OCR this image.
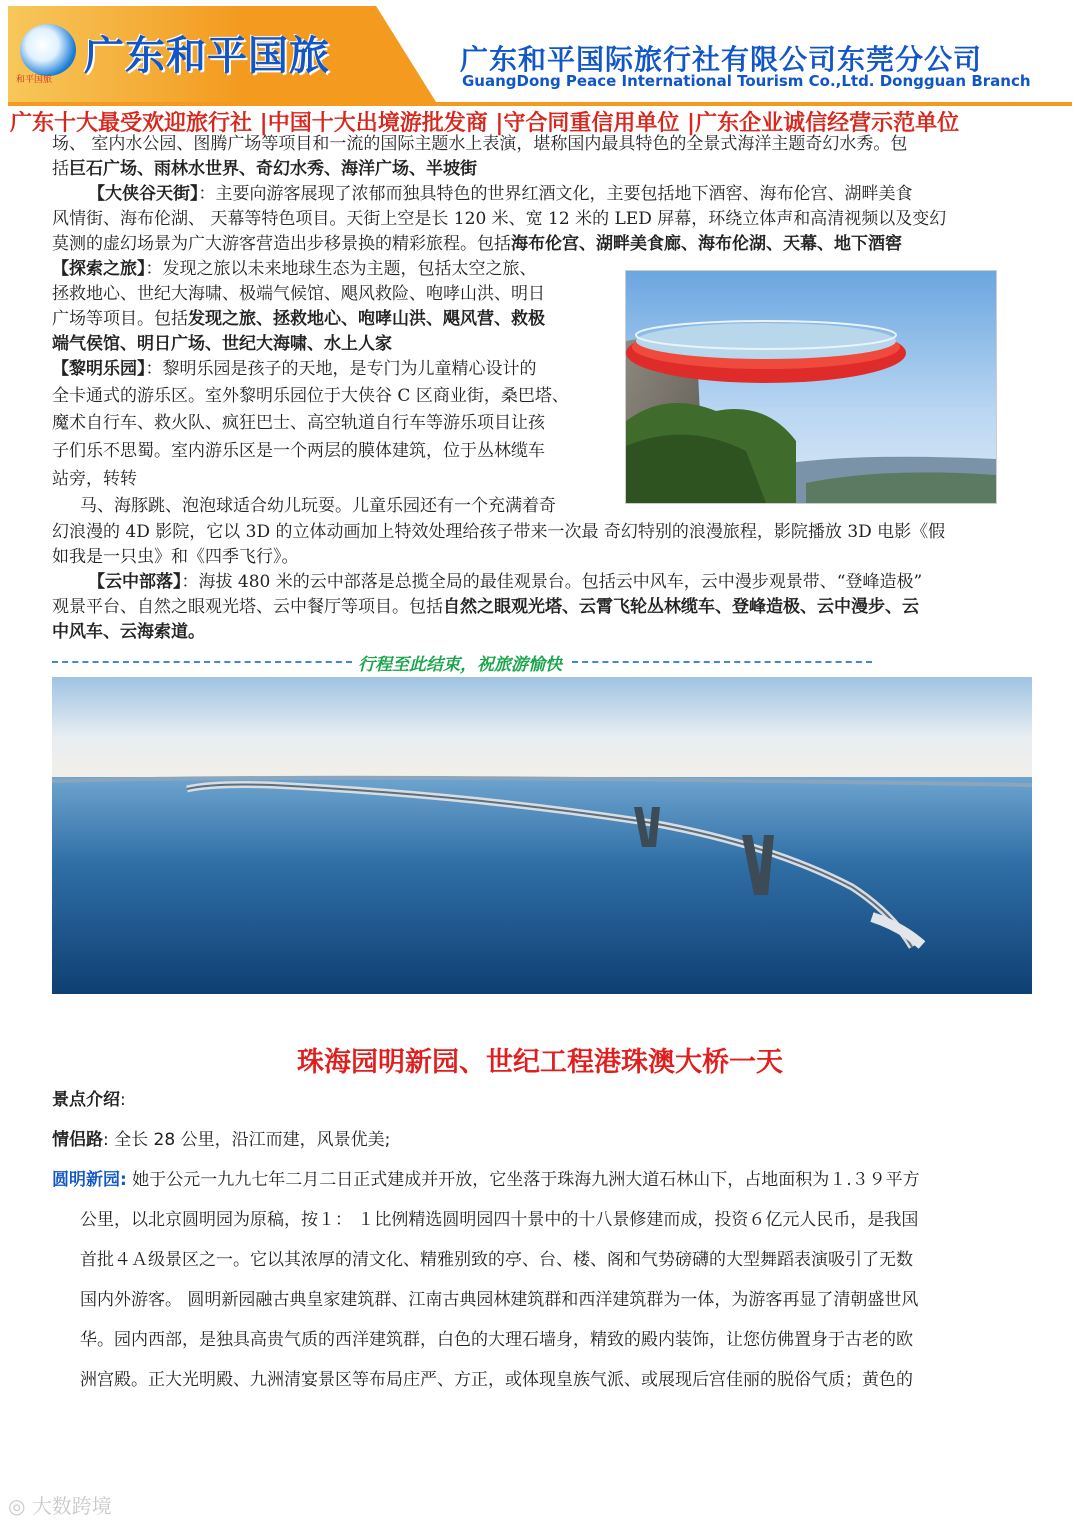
和平国旅
广东和平国旅	广东和平国际旅行社有限公司东莞分公司
GuangDong Peace International Tourism Co.,Ltd. Dongguan Branch
广东十大最受欢迎旅行社 |中国十大出境游批发商 |守合同重信用单位 |广东企业诚信经营示范单位
场、 室内水公园、图腾广场等项目和一流的国际主题水上表演，堪称国内最具特色的全景式海洋主题奇幻水秀。包
括巨石广场、雨林水世界、奇幻水秀、海洋广场、半坡街
【大侠谷天街】：主要向游客展现了浓郁而独具特色的世界红酒文化，主要包括地下酒窖、海布伦宫、湖畔美食
风情街、海布伦湖、 天幕等特色项目。天街上空是长 120 米、宽 12 米的 LED 屏幕，环绕立体声和高清视频以及变幻
莫测的虚幻场景为广大游客营造出步移景换的精彩旅程。包括海布伦宫、湖畔美食廊、海布伦湖、天幕、地下酒窖
【探索之旅】：发现之旅以未来地球生态为主题，包括太空之旅、
拯救地心、世纪大海啸、极端气候馆、飓风救险、咆哮山洪、明日
广场等项目。包括发现之旅、拯救地心、咆哮山洪、飓风营、救极
端气侯馆、明日广场、世纪大海啸、水上人家
【黎明乐园】：黎明乐园是孩子的天地，是专门为儿童精心设计的
全卡通式的游乐区。室外黎明乐园位于大侠谷 C 区商业街，桑巴塔、
魔术自行车、救火队、疯狂巴士、高空轨道自行车等游乐项目让孩
子们乐不思蜀。室内游乐区是一个两层的膜体建筑，位于丛林缆车
站旁，转转
马、海豚跳、泡泡球适合幼儿玩耍。儿童乐园还有一个充满着奇
幻浪漫的 4D 影院，它以 3D 的立体动画加上特效处理给孩子带来一次最 奇幻特别的浪漫旅程，影院播放 3D 电影《假
如我是一只虫》和《四季飞行》。
【云中部落】：海拔 480 米的云中部落是总揽全局的最佳观景台。包括云中风车，云中漫步观景带、“登峰造极”
观景平台、自然之眼观光塔、云中餐厅等项目。包括自然之眼观光塔、云霄飞轮丛林缆车、登峰造极、云中漫步、云
中风车、云海索道。
行程至此结束，祝旅游愉快
珠海园明新园、世纪工程港珠澳大桥一天
景点介绍:
情侣路: 全长 28 公里，沿江而建，风景优美;
圆明新园: 她于公元一九九七年二月二日正式建成并开放，它坐落于珠海九洲大道石林山下，占地面积为１.３９平方
公里，以北京圆明园为原稿，按１： １比例精选圆明园四十景中的十八景修建而成，投资６亿元人民币，是我国
首批４Ａ级景区之一。它以其浓厚的清文化、精雅别致的亭、台、楼、阁和气势磅礴的大型舞蹈表演吸引了无数
国内外游客。 圆明新园融古典皇家建筑群、江南古典园林建筑群和西洋建筑群为一体，为游客再显了清朝盛世风
华。园内西部，是独具高贵气质的西洋建筑群，白色的大理石墙身，精致的殿内装饰，让您仿佛置身于古老的欧
洲宫殿。正大光明殿、九洲清宴景区等布局庄严、方正，或体现皇族气派、或展现后宫佳丽的脱俗气质；黄色的
◎ 大数跨境
